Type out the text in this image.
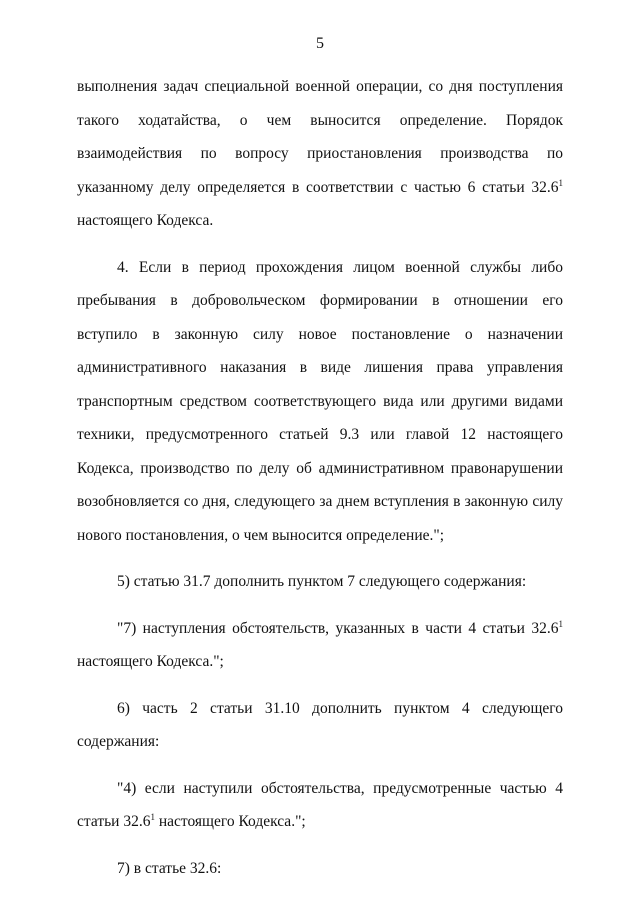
5

выполнения задач специальной военной операции, со дня поступления такого ходатайства, о чем выносится определение. Порядок взаимодействия по вопросу приостановления производства по указанному делу определяется в соответствии с частью 6 статьи 32.6$^1$ настоящего Кодекса.

4. Если в период прохождения лицом военной службы либо пребывания в добровольческом формировании в отношении его вступило в законную силу новое постановление о назначении административного наказания в виде лишения права управления транспортным средством соответствующего вида или другими видами техники, предусмотренного статьей 9.3 или главой 12 настоящего Кодекса, производство по делу об административном правонарушении возобновляется со дня, следующего за днем вступления в законную силу нового постановления, о чем выносится определение.";

5) статью 31.7 дополнить пунктом 7 следующего содержания:

"7) наступления обстоятельств, указанных в части 4 статьи 32.6$^1$ настоящего Кодекса.";

6) часть 2 статьи 31.10 дополнить пунктом 4 следующего содержания:

"4) если наступили обстоятельства, предусмотренные частью 4 статьи 32.6$^1$ настоящего Кодекса.";

7) в статье 32.6:
